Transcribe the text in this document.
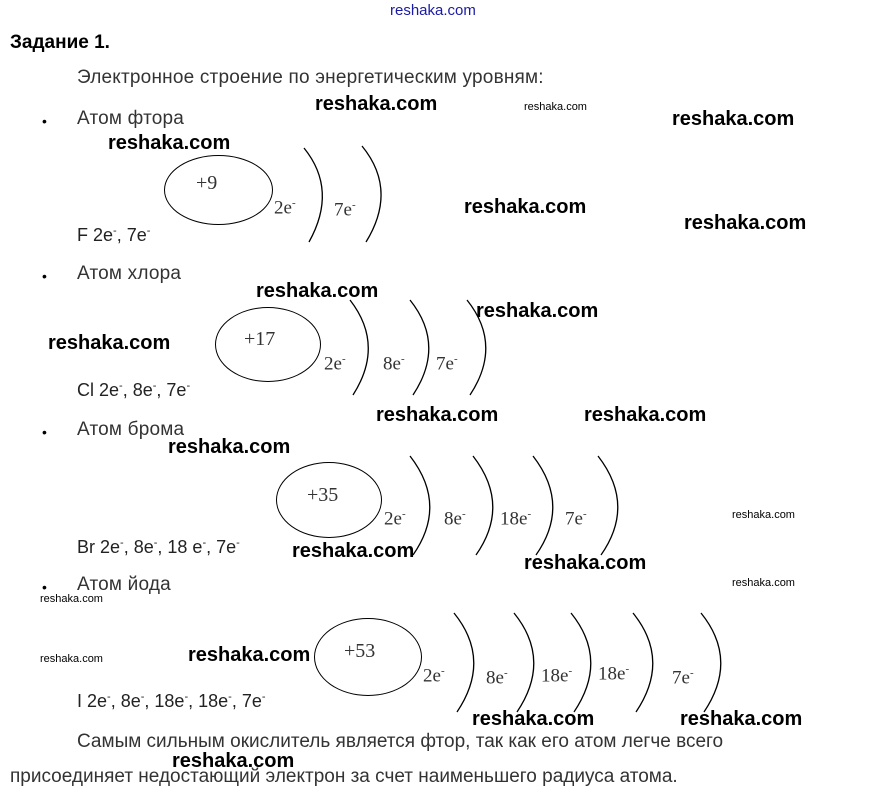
reshaka.com
Задание 1.
Электронное строение по энергетическим уровням:
• Атом фтора
+9
2e- 7e-
F 2e-, 7e-
• Атом хлора
+17
2e- 8e- 7e-
Cl 2e-, 8e-, 7e-
• Атом брома
+35
2e- 8e- 18e- 7e-
Br 2e-, 8e-, 18 e-, 7e-
• Атом йода
+53
2e- 8e- 18e- 18e- 7e-
I 2e-, 8e-, 18e-, 18e-, 7e-
Самым сильным окислитель является фтор, так как его атом легче всего
присоединяет недостающий электрон за счет наименьшего радиуса атома.
reshaka.com	reshaka.com
reshaka.com
reshaka.com
reshaka.com
reshaka.com
reshaka.com
reshaka.com
reshaka.com
reshaka.com	reshaka.com
reshaka.com
reshaka.com
reshaka.com
reshaka.com
reshaka.com
reshaka.com
reshaka.com
reshaka.com
reshaka.com	reshaka.com
reshaka.com
